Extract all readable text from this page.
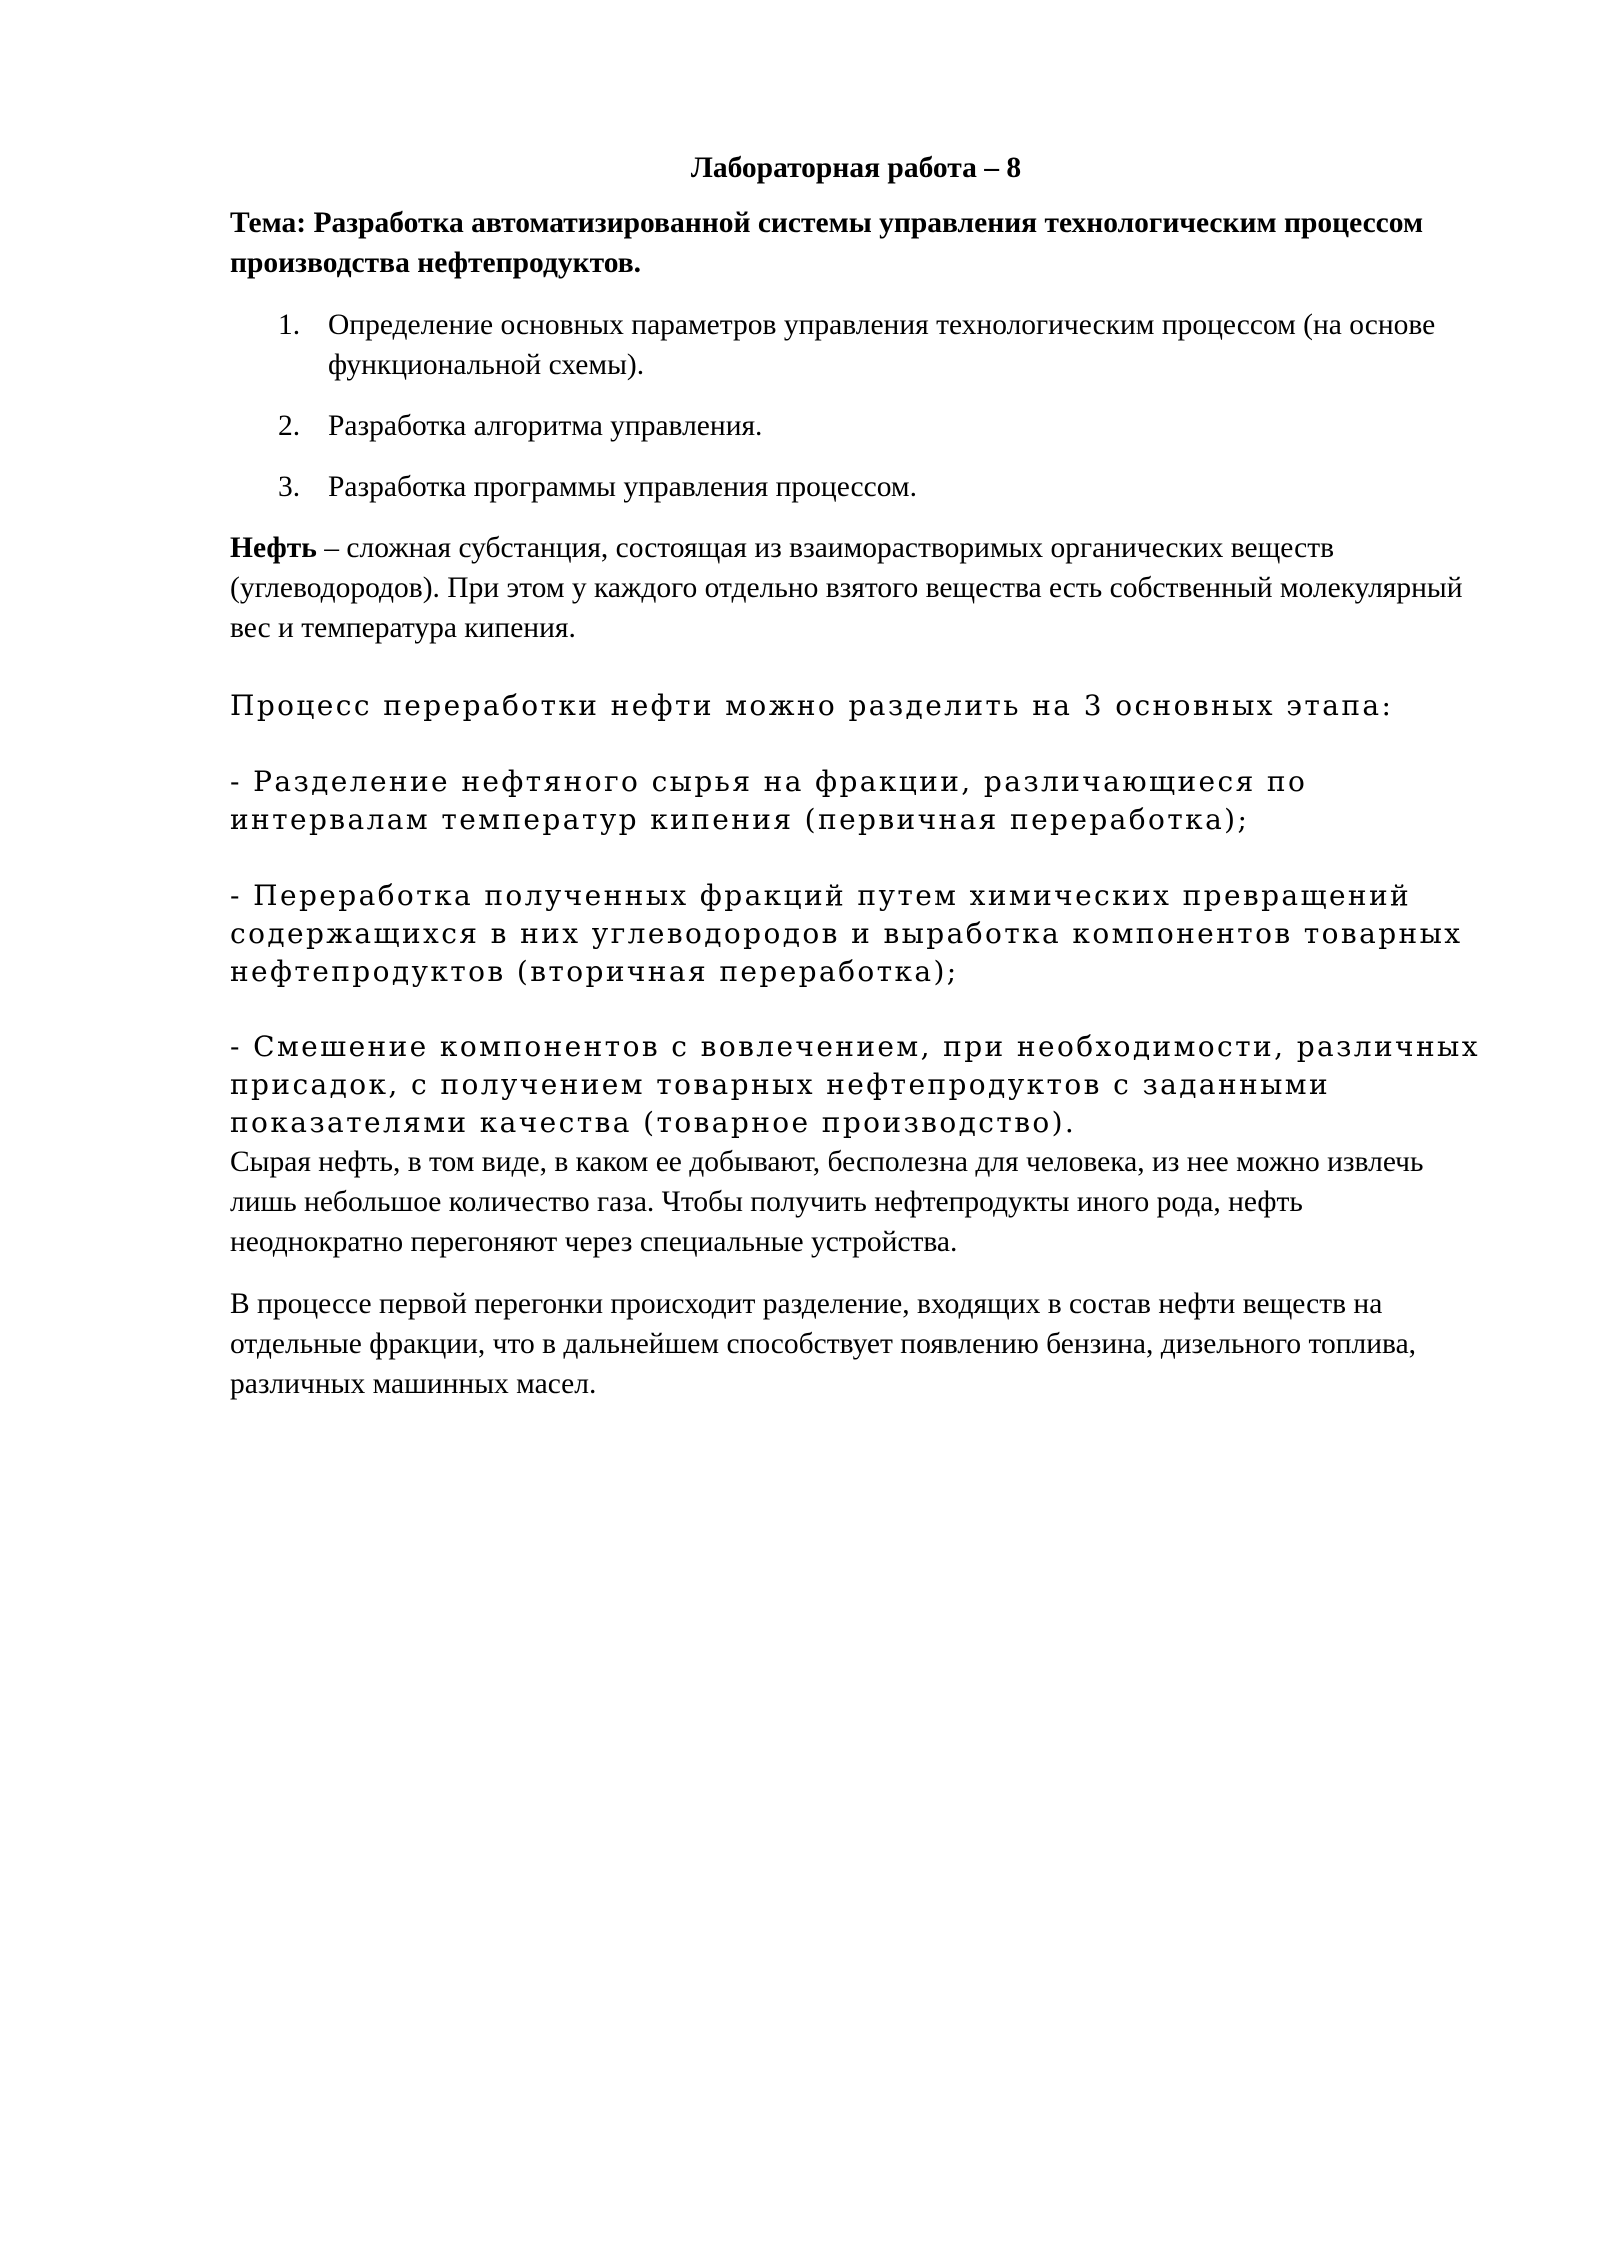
Лабораторная работа – 8

Тема: Разработка автоматизированной системы управления технологическим процессом производства нефтепродуктов.

1. Определение основных параметров управления технологическим процессом (на основе функциональной схемы).
2. Разработка алгоритма управления.
3. Разработка программы управления процессом.

Нефть – сложная субстанция, состоящая из взаиморастворимых органических веществ (углеводородов). При этом у каждого отдельно взятого вещества есть собственный молекулярный вес и температура кипения.

Процесс переработки нефти можно разделить на 3 основных этапа:

- Разделение нефтяного сырья на фракции, различающиеся по интервалам температур кипения (первичная переработка);

- Переработка полученных фракций путем химических превращений содержащихся в них углеводородов и выработка компонентов товарных нефтепродуктов (вторичная переработка);

- Смешение компонентов с вовлечением, при необходимости, различных присадок, с получением товарных нефтепродуктов с заданными показателями качества (товарное производство).

Сырая нефть, в том виде, в каком ее добывают, бесполезна для человека, из нее можно извлечь лишь небольшое количество газа. Чтобы получить нефтепродукты иного рода, нефть неоднократно перегоняют через специальные устройства.

В процессе первой перегонки происходит разделение, входящих в состав нефти веществ на отдельные фракции, что в дальнейшем способствует появлению бензина, дизельного топлива, различных машинных масел.
